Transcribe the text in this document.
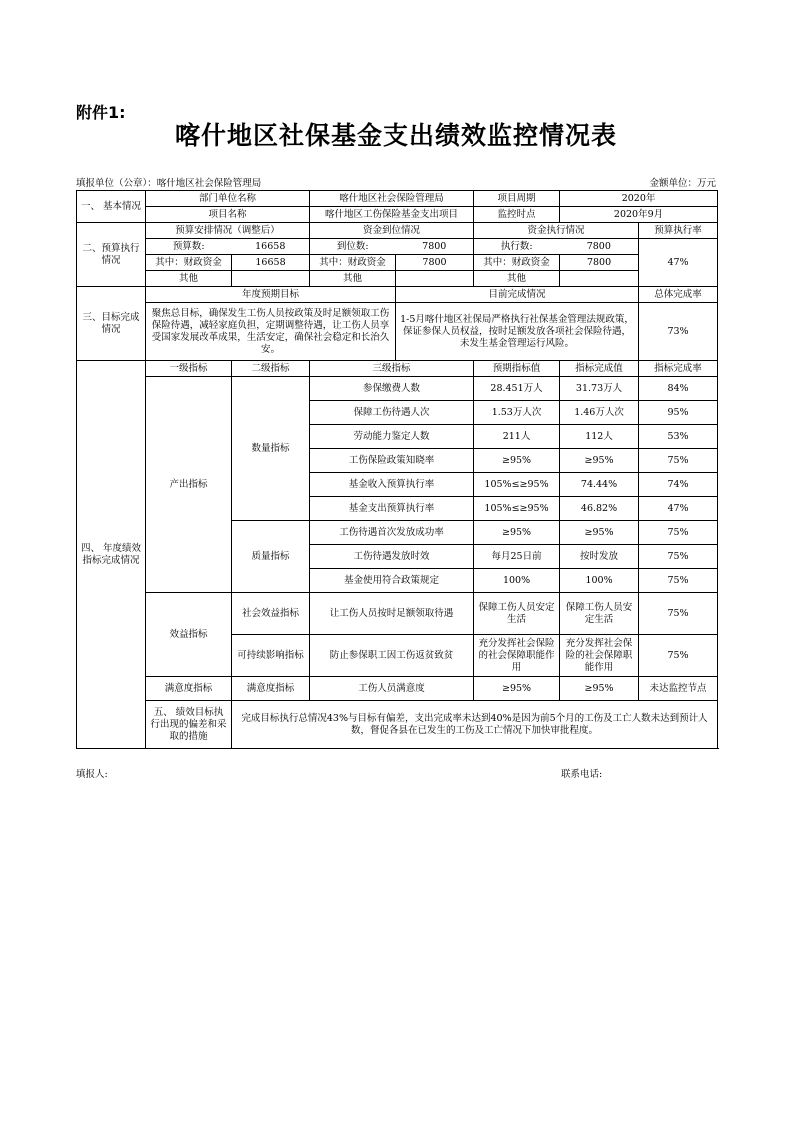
附件1:
喀什地区社保基金支出绩效监控情况表
填报单位（公章）：喀什地区社会保险管理局	金额单位：万元
一、 基本情况	部门单位名称		喀什地区社会保险管理局		项目周期	2020年	
	项目名称		喀什地区工伤保险基金支出项目		监控时点	2020年9月	
二、预算执行情况	预算安排情况（调整后）		资金到位情况		资金执行情况		预算执行率
	预算数:	16658	到位数:	7800	执行数:	7800	47%
	其中：财政资金	16658	其中：财政资金	7800	其中：财政资金	7800	
	其他		其他		其他		
三、目标完成情况	年度预期目标			目前完成情况			总体完成率
	聚焦总目标，确保发生工伤人员按政策及时足额领取工伤保险待遇，减轻家庭负担，定期调整待遇，让工伤人员享受国家发展改革成果，生活安定，确保社会稳定和长治久安。			1-5月喀什地区社保局严格执行社保基金管理法规政策，保证参保人员权益，按时足额发放各项社会保险待遇，未发生基金管理运行风险。			73%
四、 年度绩效指标完成情况	一级指标	二级指标	三级指标		预期指标值	指标完成值	指标完成率
	产出指标	数量指标	参保缴费人数		28.451万人	31.73万人	84%
			保障工伤待遇人次		1.53万人次	1.46万人次	95%
			劳动能力鉴定人数		211人	112人	53%
			工伤保险政策知晓率		≥95%	≥95%	75%
			基金收入预算执行率		105%≤≥95%	74.44%	74%
			基金支出预算执行率		105%≤≥95%	46.82%	47%
		质量指标	工伤待遇首次发放成功率		≥95%	≥95%	75%
			工伤待遇发放时效		每月25日前	按时发放	75%
			基金使用符合政策规定		100%	100%	75%
	效益指标	社会效益指标	让工伤人员按时足额领取待遇		保障工伤人员安定生活	保障工伤人员安定生活	75%
		可持续影响指标	防止参保职工因工伤返贫致贫		充分发挥社会保险的社会保障职能作用	充分发挥社会保险的社会保障职能作用	75%
	满意度指标	满意度指标	工伤人员满意度		≥95%	≥95%	未达监控节点
	五、 绩效目标执行出现的偏差和采取的措施	完成目标执行总情况43%与目标有偏差，支出完成率未达到40%是因为前5个月的工伤及工亡人数未达到预计人数，督促各县在已发生的工伤及工亡情况下加快审批程度。					
填报人:	联系电话:
